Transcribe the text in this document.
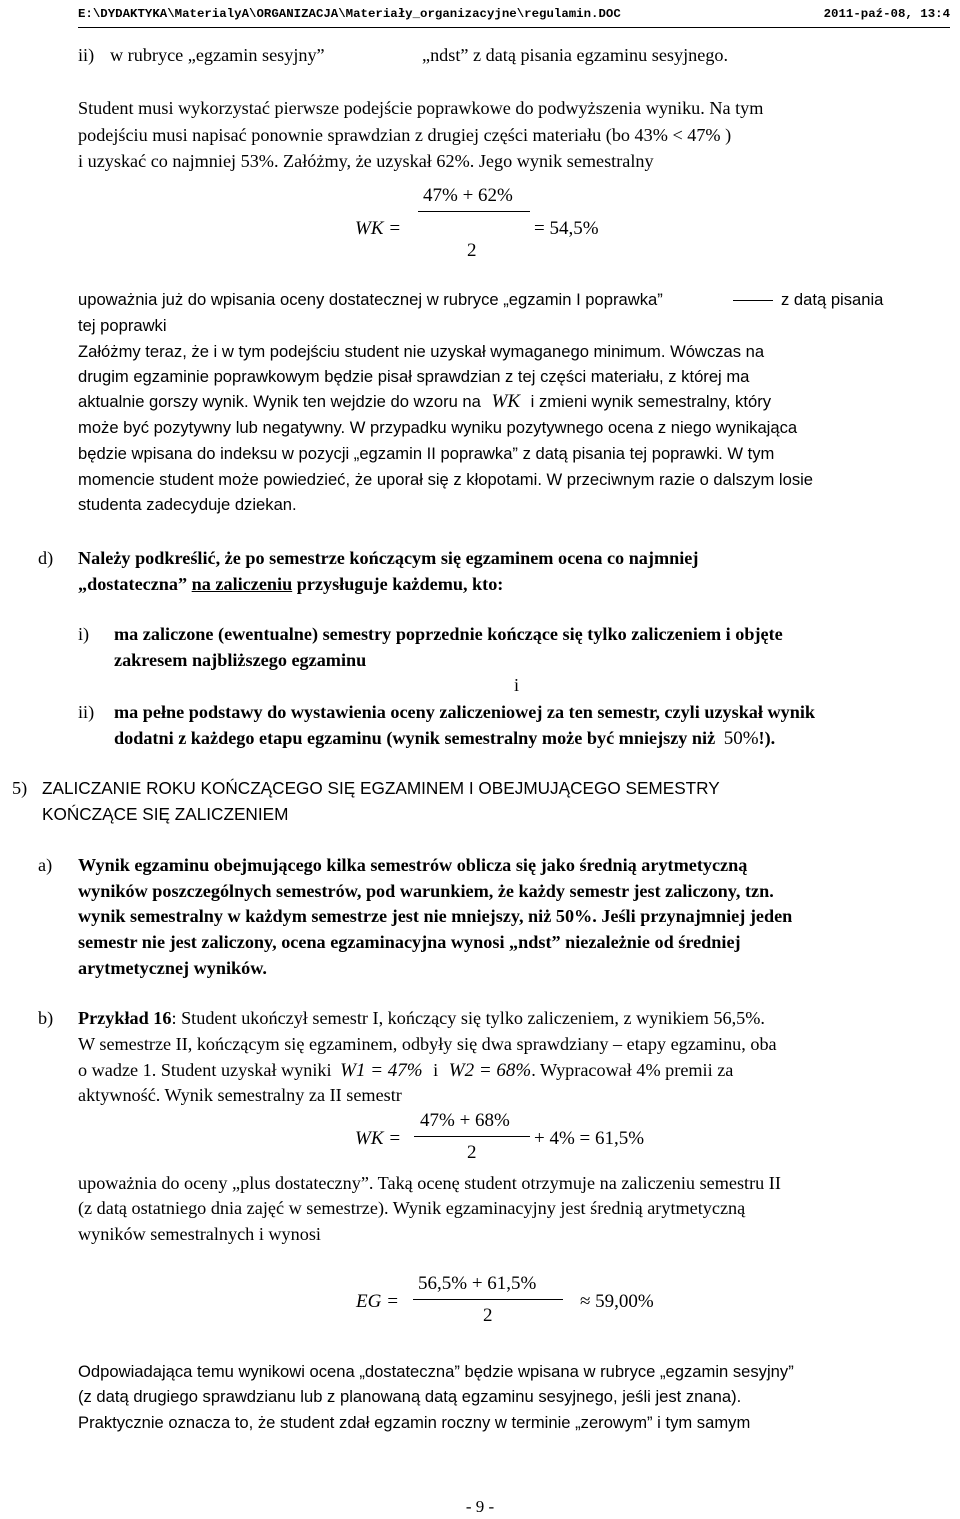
E:\DYDAKTYKA\MaterialyA\ORGANIZACJA\Materiały_organizacyjne\regulamin.DOC	2011-paź-08, 13:4
ii) w rubryce „egzamin sesyjny”	„ndst” z datą pisania egzaminu sesyjnego.
Student musi wykorzystać pierwsze podejście poprawkowe do podwyższenia wyniku. Na tym
podejściu musi napisać ponownie sprawdzian z drugiej części materiału (bo 43% < 47% )
i uzyskać co najmniej 53%. Załóżmy, że uzyskał 62%. Jego wynik semestralny
WK =
47% + 62%
2
= 54,5%
upoważnia już do wpisania oceny dostatecznej w rubryce „egzamin I poprawka”	z datą pisania
tej poprawki
Załóżmy teraz, że i w tym podejściu student nie uzyskał wymaganego minimum. Wówczas na
drugim egzaminie poprawkowym będzie pisał sprawdzian z tej części materiału, z której ma
aktualnie gorszy wynik. Wynik ten wejdzie do wzoru na WK i zmieni wynik semestralny, który
może być pozytywny lub negatywny. W przypadku wyniku pozytywnego ocena z niego wynikająca
będzie wpisana do indeksu w pozycji „egzamin II poprawka” z datą pisania tej poprawki. W tym
momencie student może powiedzieć, że uporał się z kłopotami. W przeciwnym razie o dalszym losie
studenta zadecyduje dziekan.
d) Należy podkreślić, że po semestrze kończącym się egzaminem ocena co najmniej
„dostateczna” na zaliczeniu przysługuje każdemu, kto:
i) ma zaliczone (ewentualne) semestry poprzednie kończące się tylko zaliczeniem i objęte
zakresem najbliższego egzaminu
i
ii) ma pełne podstawy do wystawienia oceny zaliczeniowej za ten semestr, czyli uzyskał wynik
dodatni z każdego etapu egzaminu (wynik semestralny może być mniejszy niż 50%!).
5) ZALICZANIE ROKU KOŃCZĄCEGO SIĘ EGZAMINEM I OBEJMUJĄCEGO SEMESTRY
KOŃCZĄCE SIĘ ZALICZENIEM
a) Wynik egzaminu obejmującego kilka semestrów oblicza się jako średnią arytmetyczną
wyników poszczególnych semestrów, pod warunkiem, że każdy semestr jest zaliczony, tzn.
wynik semestralny w każdym semestrze jest nie mniejszy, niż 50%. Jeśli przynajmniej jeden
semestr nie jest zaliczony, ocena egzaminacyjna wynosi „ndst” niezależnie od średniej
arytmetycznej wyników.
b) Przykład 16: Student ukończył semestr I, kończący się tylko zaliczeniem, z wynikiem 56,5%.
W semestrze II, kończącym się egzaminem, odbyły się dwa sprawdziany – etapy egzaminu, oba
o wadze 1. Student uzyskał wyniki W1 = 47% i W2 = 68%. Wypracował 4% premii za
aktywność. Wynik semestralny za II semestr
WK =
47% + 68%
2
+ 4% = 61,5%
upoważnia do oceny „plus dostateczny”. Taką ocenę student otrzymuje na zaliczeniu semestru II
(z datą ostatniego dnia zajęć w semestrze). Wynik egzaminacyjny jest średnią arytmetyczną
wyników semestralnych i wynosi
EG =
56,5% + 61,5%
2
≈ 59,00%
Odpowiadająca temu wynikowi ocena „dostateczna” będzie wpisana w rubryce „egzamin sesyjny”
(z datą drugiego sprawdzianu lub z planowaną datą egzaminu sesyjnego, jeśli jest znana).
Praktycznie oznacza to, że student zdał egzamin roczny w terminie „zerowym” i tym samym
- 9 -
